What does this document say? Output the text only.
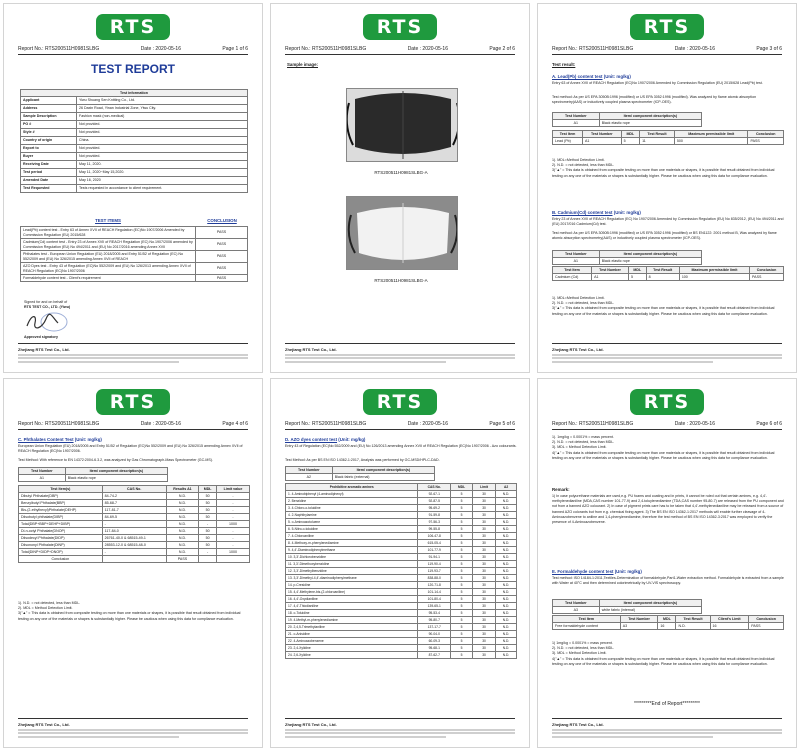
RTS
Report No.: RTS200511H0981SLBG	Date : 2020-05-16	Page 1 of 6
TEST REPORT
Test information	
Applicant	Yiwu Shuang Sen Knitting Co., Ltd.
Address	26 Daxin Road, Yinan Industrial Zone, Yiwu City.
Sample Description	Fashion mask (non-medical)
PO #	Not provided.
Style #	Not provided.
Country of origin	China.
Export to	Not provided.
Buyer	Not provided.
Receiving Date	May 11, 2020.
Test period	May 11, 2020~May 15,2020.
Amended Date	May 16, 2020
Test Requested	Tests requested in accordance to client requirement.
TEST ITEMS	CONCLUSION
Lead(Pb) content test - Entry 63 of Annex XVII of REACH Regulation (EC)No 1907/2006 Amended by Commission Regulation (EU) 2015/628	PASS
Cadmium(Cd) content test - Entry 23 of Annex XVII of REACH Regulation (EC) No.1907/2006 amended by Commission Regulation (EU) No 494/2011 and (EU) No 2017/2016 amending Annex XVII	PASS
Phthalates test - European Union Regulation (EU) 2018/2005 and Entry 51/52 of Regulation (EC) No 552/2009 and (EU) No 326/2015 amending Annex XVII of REACH	PASS
AZO Dyes test - Entry 43 of Regulation (EC)No 552/2009 and (EU) No 126/2013 amending Annex XVII of REACH Regulation (EC)No 1907/2006	PASS
Formaldehyde content test - Client's requirement	PASS
Signed for and on behalf of
RTS TEST CO., LTD. (Yiwu)
Approved signatory
Zhejiang RTS Test Co., Ltd.
RTS
Report No.: RTS200511H0981SLBG	Date : 2020-05-16	Page 2 of 6
Sample image:
RTS200511H0981SLBG-A
RTS200511H0981SLBG-A
Zhejiang RTS Test Co., Ltd.
RTS
Report No.: RTS200511H0981SLBG	Date : 2020-05-16	Page 3 of 6
Test result:
A. Lead(Pb) content test (Unit: mg/kg)
Entry 63 of Annex XVII of REACH Regulation (EC)No 1907/2006 Amended by Commission Regulation (EU) 2015/628 Lead(Pb) test.
Test method: As per US EPA 3050B:1996 (modified) or US EPA 3052:1996 (modified). Was analyzed by flame atomic absorption spectrometry(AAS) or inductively coupled plasma spectrometer (ICP-OES).
Test Number	Item/ component description(s)
A1	Black elastic rope
Test Item	Test Number	MDL	Test Result	Maximum permissible limit	Conclusion
Lead (Pb)	A1	5	11	500	PASS
1). MDL=Method Detection Limit.
2). N.D. = not detected, less than MDL.
3)"▲" = This data is obtained from composite testing on more than one materials or shapes, it is possible that result obtained from individual testing on any one of the materials or shapes is substantially higher. Please be cautious when using this data for compliance evaluation.
B. Cadmium(Cd) content test (Unit: mg/kg)
Entry 23 of Annex XVII of REACH Regulation (EC) No 1907/2006 Amended by Commission Regulation (EU) No 835/2012, (EU) No 494/2011 and (EU) 2017/016 Cadmium(Cd) test.
Test method: As per US EPA 3050B:1996 (modified) or US EPA 3052:1996 (modified) or BS EN1122: 2001 method B, Was analyzed by flame atomic absorption spectrometry(AAS) or inductively coupled plasma spectrometer (ICP-OES).
Test Number	Item/ component description(s)
A1	Black elastic rope
Test Item	Test Number	MDL	Test Result	Maximum permissible limit	Conclusion
Cadmium (Cd)	A1	5	8	100	PASS
1). MDL=Method Detection Limit.
2). N.D. = not detected, less than MDL.
3)"▲" = This data is obtained from composite testing on more than one materials or shapes, it is possible that result obtained from individual testing on any one of the materials or shapes is substantially higher. Please be cautious when using this data for compliance evaluation.
Zhejiang RTS Test Co., Ltd.
RTS
Report No.: RTS200511H0981SLBG	Date : 2020-05-16	Page 4 of 6
C. Phthalates Content Test (Unit: mg/kg)
European Union Regulation (EU) 2018/2005 and Entry 51/52 of Regulation (EC)No 552/2009 and (EU) No 326/2015 amending Annex XVII of REACH Regulation (EC)No 1907/2006.
Test Method: With reference to EN 14372:2004-6.3.2, was analyzed by Gas Chromatograph-Mass Spectrometer (GC-MS).
Test Number	Item/ component description(s)
A1	Black elastic rope
Test Item(s)	CAS No.	Results A1	MDL	Limit value
Dibutyl Phthalate(DBP)	84-74-2	N.D.	50	-
Benzylbutyl Phthalate(BBP)	85-68-7	N.D.	50	-
Bis-(2-ethylhexyl)Phthalate(DEHP)	117-81-7	N.D.	50	-
Diisobutyl phthalate(DIBP)	84-69-5	N.D.	50	-
Total(DBP+BBP+DEHP+DIBP)	-	N.D.	-	1000
Di-n-octyl Phthalate(DNOP)	117-84-0	N.D.	50	-
Diisodecyl Phthalate(DIDP)	26761-40-0 & 68515-49-1	N.D.	50	-
Diisononyl Phthalate(DINP)	28553-12-0 & 68515-48-0	N.D.	50	-
Total(DINP+DIDP+DNOP)	-	N.D.	-	1000
Conclusion		PASS		
1). N.D. = not detected, less than MDL.
2). MDL = Method Detection Limit.
3)"▲" = This data is obtained from composite testing on more than one materials or shapes, it is possible that result obtained from individual testing on any one of the materials or shapes is substantially higher. Please be cautious when using this data for compliance evaluation.
Zhejiang RTS Test Co., Ltd.
RTS
Report No.: RTS200511H0981SLBG	Date : 2020-05-16	Page 5 of 6
D. AZO dyes content test (Unit: mg/kg)
Entry 43 of Regulation (EC)No 552/2009 and (EU) No 126/2013 amending Annex XVII of REACH Regulation (EC)No 1907/2006 - Azo colourants.
Test Method: As per BS EN ISO 14362-1:2017, Analysis was performed by GC-MSD/HPLC-DAD.
Test Number	Item/ component description(s)
A2	Black fabric (external)
Prohibitive aromatic amines	CAS No.	MDL	Limit	A2
1. 4-Aminobiphenyl (4-aminodiphenyl)	92-67-1	5	30	N.D.
2. Benzidine	92-87-5	5	30	N.D.
3. 4-Chloro-o-toluidine	95-69-2	5	30	N.D.
4. 2-Naphthylamine	91-59-8	5	30	N.D.
5. o-Aminoazotoluene	97-56-3	5	30	N.D.
6. 5-Nitro-o-toluidine	99-55-8	5	30	N.D.
7. 4-Chloroaniline	106-47-8	5	30	N.D.
8. 4-Methoxy-m-phenylenediamine	615-05-4	5	30	N.D.
9. 4,4'-Diaminodiphenylmethane	101-77-9	5	30	N.D.
10. 3,3'-Dichlorobenzidine	91-94-1	5	30	N.D.
11. 3,3'-Dimethoxybenzidine	119-90-4	5	30	N.D.
12. 3,3'-Dimethylbenzidine	119-93-7	5	30	N.D.
13. 3,3'-Dimethyl-4,4'-diaminodiphenylmethane	838-88-0	5	30	N.D.
14. p-Cresidine	120-71-8	5	30	N.D.
15. 4,4'-Methylene-bis-(2-chloroaniline)	101-14-4	5	30	N.D.
16. 4,4'-Oxydianiline	101-80-4	5	30	N.D.
17. 4,4'-Thiodianiline	139-65-1	5	30	N.D.
18. o-Toluidine	95-53-4	5	30	N.D.
19. 4-Methyl-m-phenylenediamine	95-80-7	5	30	N.D.
20. 2,4,5-Trimethylaniline	137-17-7	5	30	N.D.
21. o-Anisidine	90-04-0	5	30	N.D.
22. 4-Aminoazobenzene	60-09-3	5	30	N.D.
23. 2,4-Xylidine	95-68-1	5	30	N.D.
24. 2,6-Xylidine	87-62-7	5	30	N.D.
Zhejiang RTS Test Co., Ltd.
RTS
Report No.: RTS200511H0981SLBG	Date : 2020-05-16	Page 6 of 6
1). 1mg/kg = 0.0001% = mass percent.
2). N.D. = not detected, less than MDL.
3). MDL = Method Detection Limit.
4)"▲" = This data is obtained from composite testing on more than one materials or shapes, it is possible that result obtained from individual testing on any one of the materials or shapes is substantially higher. Please be cautious when using this data for compliance evaluation.
Remark:
1) In case polyurethane materials are used,e.g. PU foams and coating and in prints, it cannot be ruled out that certain amines, e.g. 4,4'-methylenedianiline (MDA,CAS number 101-77-9) and 2,4-toluylenediamine (TDA,CAS number 95-80-7) are released from the PU component and not from a banned AZO colourant. 2) In case of pigment prints care has to be taken that 4,4'-methylenedianiline may be released from a source of banned AZO colorants but from e.g. chemical fixing agent. 3) The BS EN ISO 14362-1:2017 methods will enable further cleavage of 4-Aminoazobenzene to aniline and 1,4-phenylenediamine, therefore the test method of BS EN ISO 14362-3:2017 was employed to verify the presence of 4-Aminoazobenzene.
E. Formaldehyde content test (Unit: mg/kg)
Test method: ISO 14184-1:2011,Textiles-Determination of formaldehyde,Part1-Water extraction method. Formaldehyde is extracted from a sample with Water at 40°C and then determined colorimetrically by UV-VIS spectroscopy.
Test Number	Item/ component description(s)
A3	white fabric (internal)
Test Item	Test Number	MDL	Test Result	Client's Limit	Conclusion
Free formaldehyde content	A3	16	N.D.	16	PASS
1) 1mg/kg = 0.0001% = mass percent.
2). N.D. = not detected, less than MDL.
3). MDL = Method Detection Limit.
4)"▲" = This data is obtained from composite testing on more than one materials or shapes, it is possible that result obtained from individual testing on any one of the materials or shapes is substantially higher. Please be cautious when using this data for compliance evaluation.
*********End of Report*********
Zhejiang RTS Test Co., Ltd.
